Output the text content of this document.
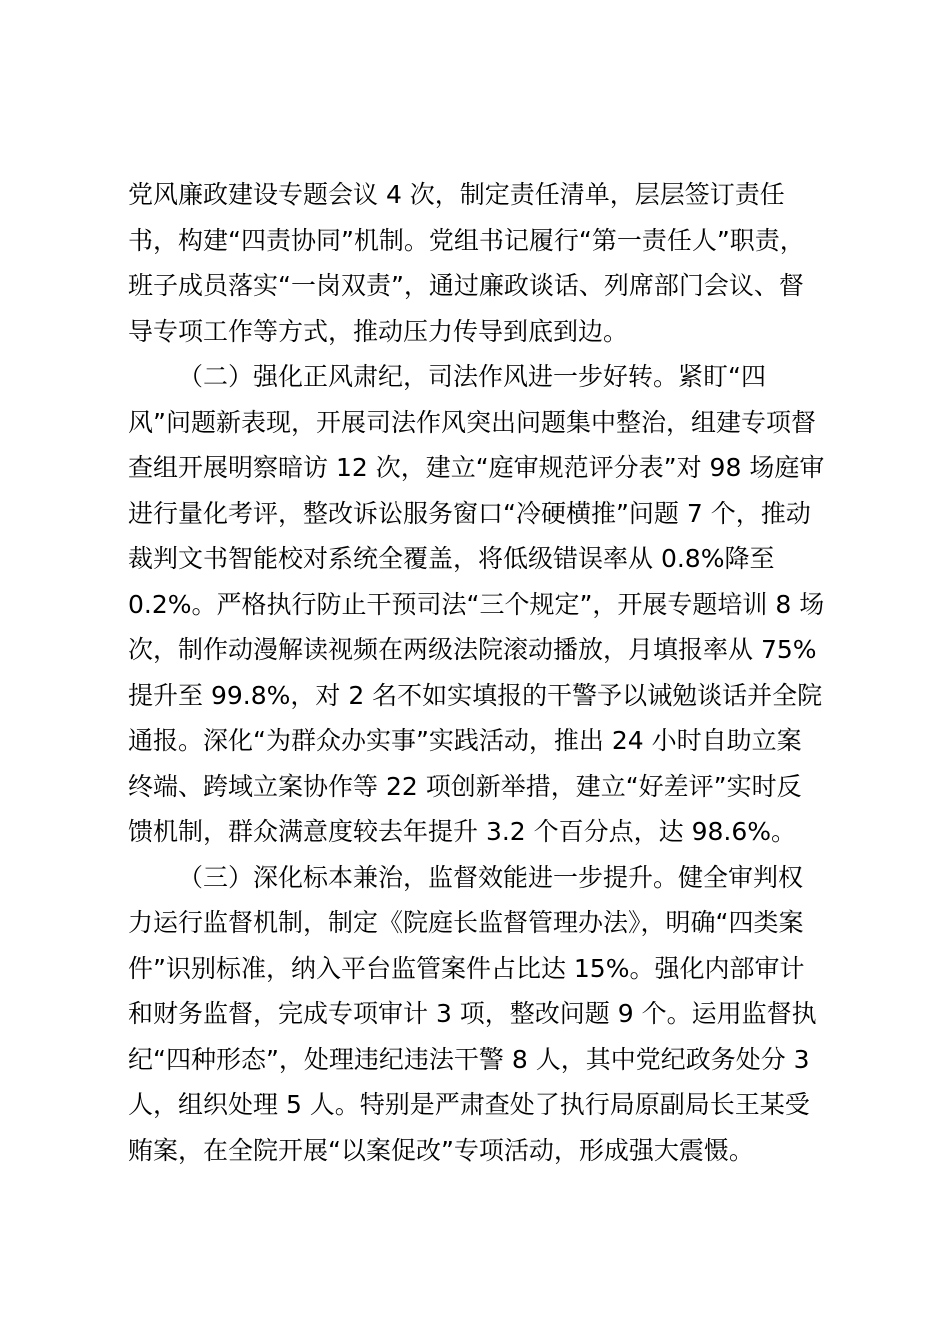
党风廉政建设专题会议 4 次，制定责任清单，层层签订责任
书，构建“四责协同”机制。党组书记履行“第一责任人”职责，
班子成员落实“一岗双责”，通过廉政谈话、列席部门会议、督
导专项工作等方式，推动压力传导到底到边。
（二）强化正风肃纪，司法作风进一步好转。紧盯“四
风”问题新表现，开展司法作风突出问题集中整治，组建专项督
查组开展明察暗访 12 次，建立“庭审规范评分表”对 98 场庭审
进行量化考评，整改诉讼服务窗口“冷硬横推”问题 7 个，推动
裁判文书智能校对系统全覆盖，将低级错误率从 0.8%降至
0.2%。严格执行防止干预司法“三个规定”，开展专题培训 8 场
次，制作动漫解读视频在两级法院滚动播放，月填报率从 75%
提升至 99.8%，对 2 名不如实填报的干警予以诫勉谈话并全院
通报。深化“为群众办实事”实践活动，推出 24 小时自助立案
终端、跨域立案协作等 22 项创新举措，建立“好差评”实时反
馈机制，群众满意度较去年提升 3.2 个百分点，达 98.6%。
（三）深化标本兼治，监督效能进一步提升。健全审判权
力运行监督机制，制定《院庭长监督管理办法》，明确“四类案
件”识别标准，纳入平台监管案件占比达 15%。强化内部审计
和财务监督，完成专项审计 3 项，整改问题 9 个。运用监督执
纪“四种形态”，处理违纪违法干警 8 人，其中党纪政务处分 3
人，组织处理 5 人。特别是严肃查处了执行局原副局长王某受
贿案，在全院开展“以案促改”专项活动，形成强大震慑。
